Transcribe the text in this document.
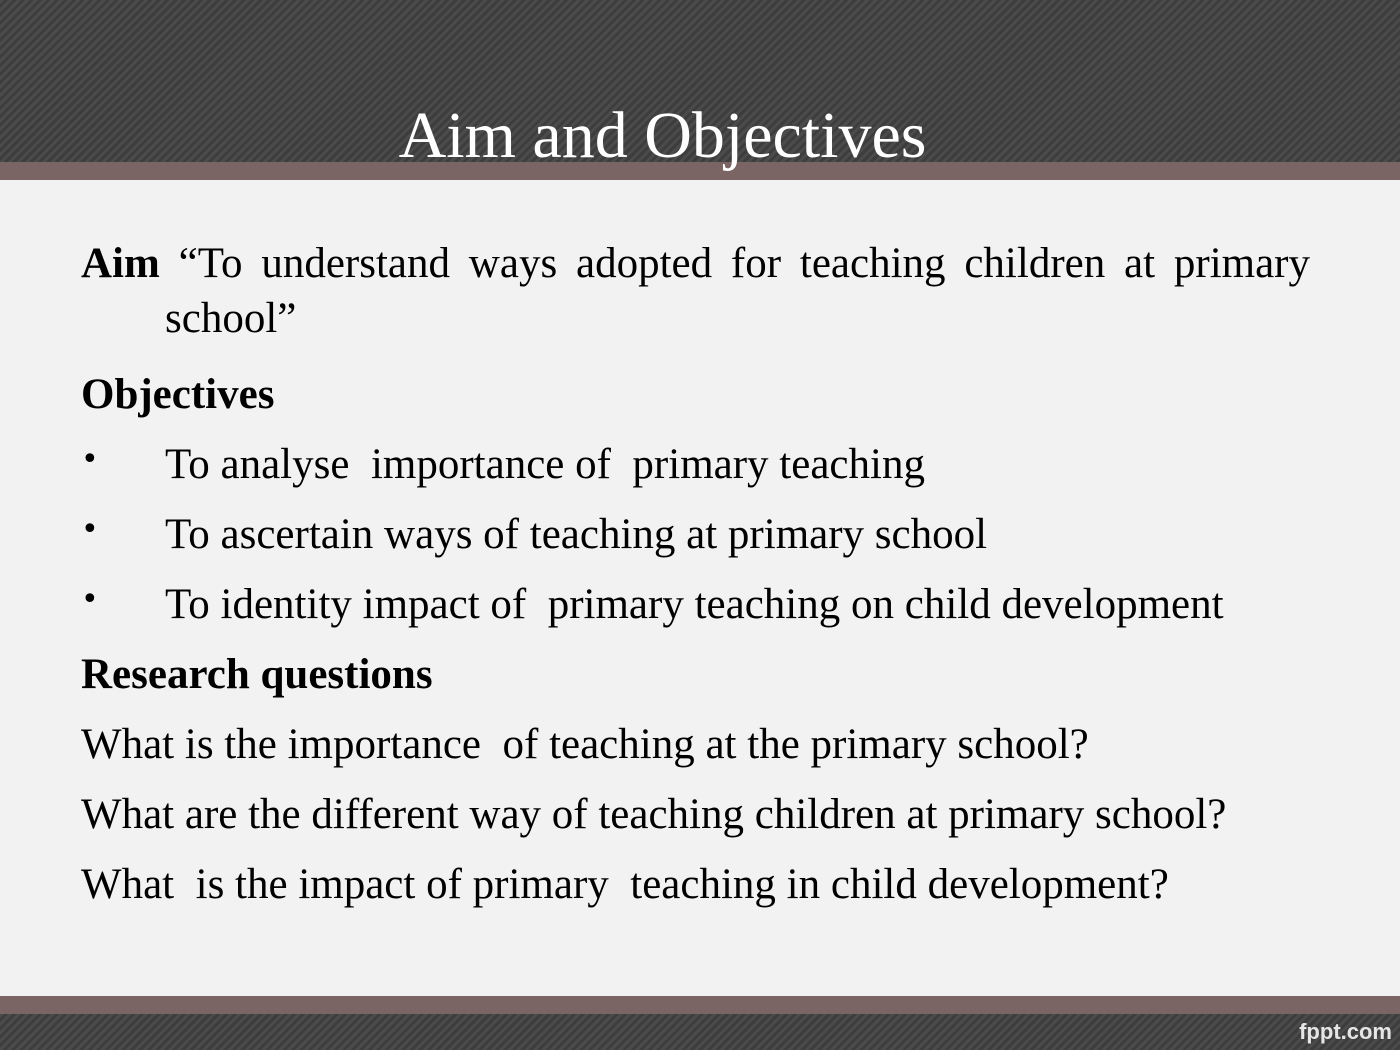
Aim and Objectives

Aim “To understand ways adopted for teaching children at primary school”

Objectives

• To analyse  importance of  primary teaching
• To ascertain ways of teaching at primary school
• To identity impact of  primary teaching on child development

Research questions

What is the importance  of teaching at the primary school?

What are the different way of teaching children at primary school?

What  is the impact of primary  teaching in child development?

fppt.com
